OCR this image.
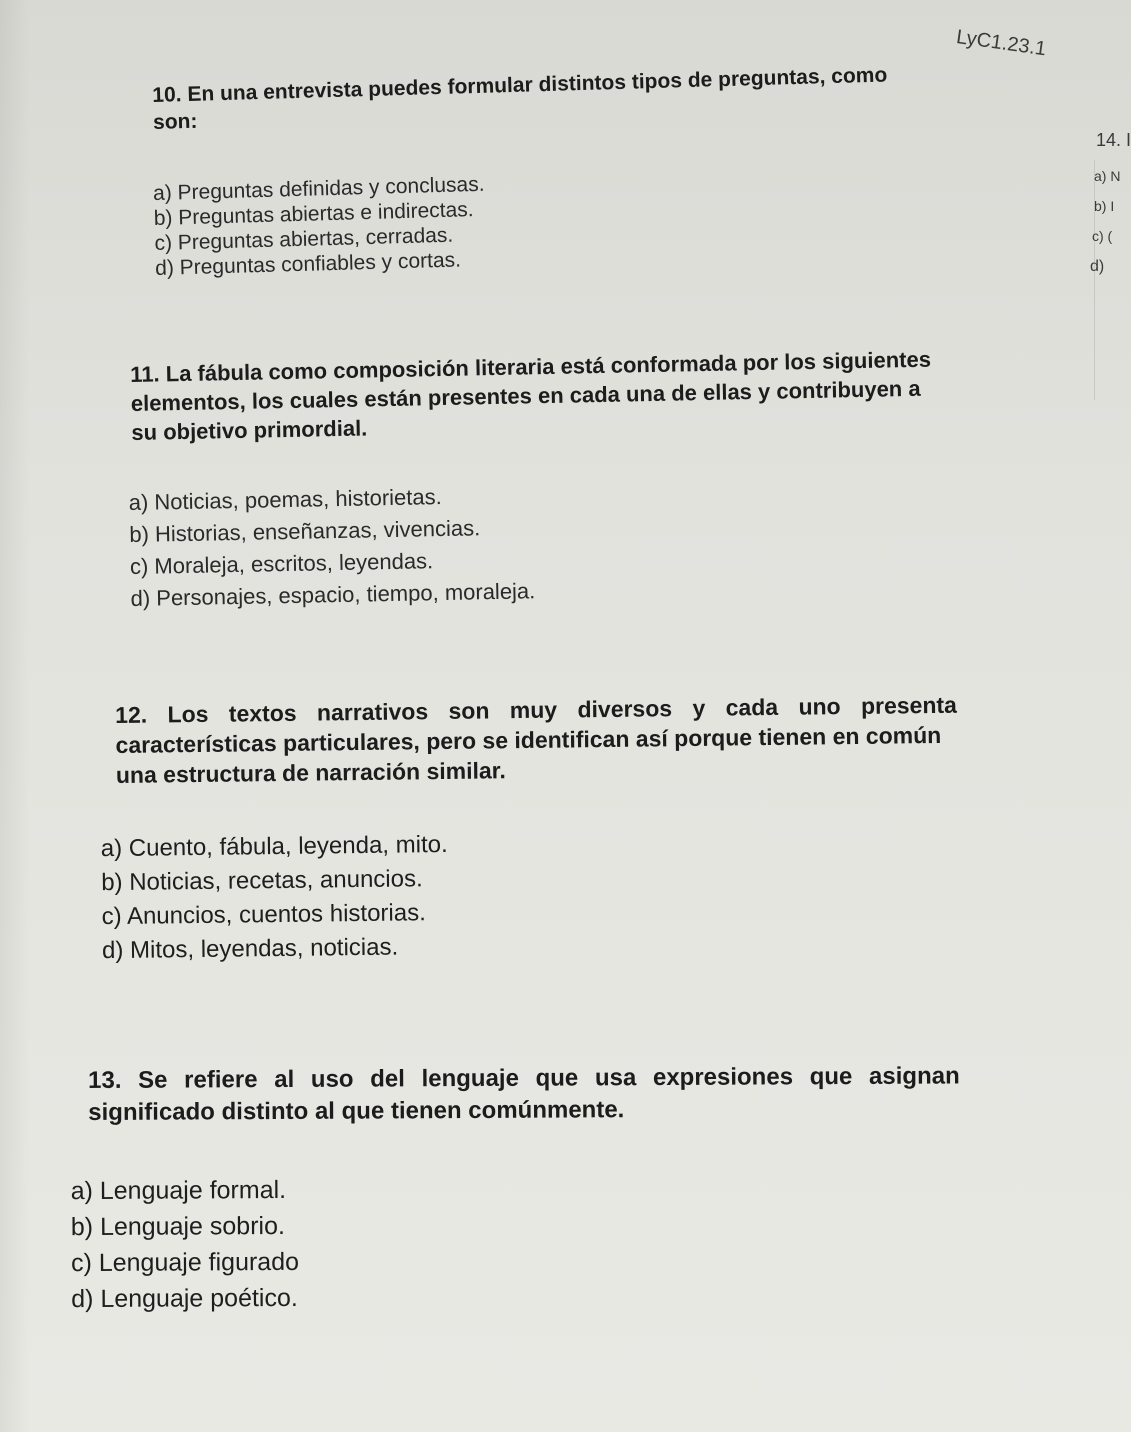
LyC1.23.1

10. En una entrevista puedes formular distintos tipos de preguntas, como
son:

a) Preguntas definidas y conclusas.
b) Preguntas abiertas e indirectas.
c) Preguntas abiertas, cerradas.
d) Preguntas confiables y cortas.

11. La fábula como composición literaria está conformada por los siguientes
elementos, los cuales están presentes en cada una de ellas y contribuyen a
su objetivo primordial.

a) Noticias, poemas, historietas.
b) Historias, enseñanzas, vivencias.
c) Moraleja, escritos, leyendas.
d) Personajes, espacio, tiempo, moraleja.

12. Los textos narrativos son muy diversos y cada uno presenta
características particulares, pero se identifican así porque tienen en común
una estructura de narración similar.

a) Cuento, fábula, leyenda, mito.
b) Noticias, recetas, anuncios.
c) Anuncios, cuentos historias.
d) Mitos, leyendas, noticias.

13. Se refiere al uso del lenguaje que usa expresiones que asignan
significado distinto al que tienen comúnmente.

a) Lenguaje formal.
b) Lenguaje sobrio.
c) Lenguaje figurado
d) Lenguaje poético.
14. I
a) N
b) I
c) (
d)
